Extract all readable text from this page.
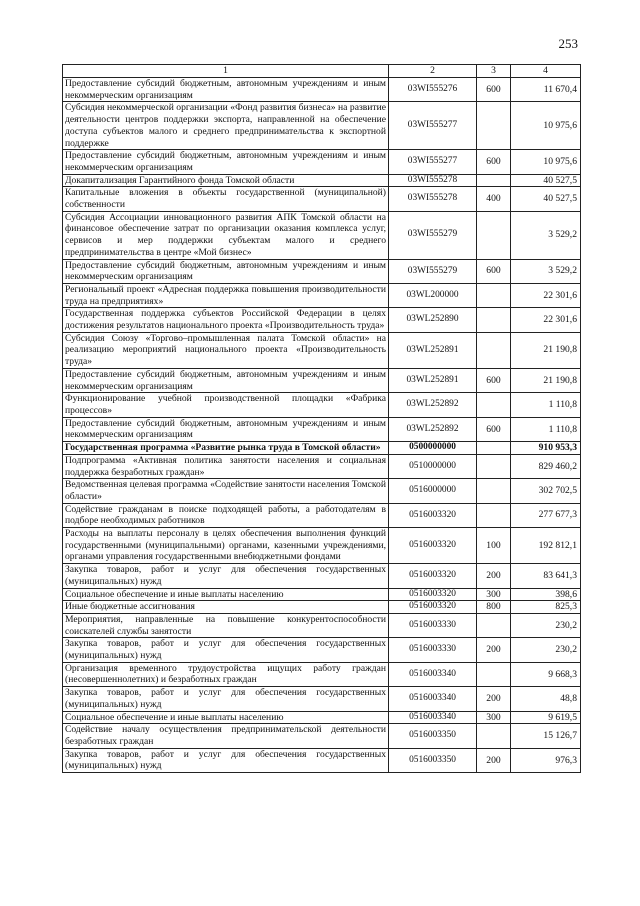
253
1	2	3	4
Предоставление субсидий бюджетным, автономным учреждениям и иным некоммерческим организациям	03WI555276	600	11 670,4
Субсидия некоммерческой организации «Фонд развития бизнеса» на развитие деятельности центров поддержки экспорта, направленной на обеспечение доступа субъектов малого и среднего предпринимательства к экспортной поддержке	03WI555277		10 975,6
Предоставление субсидий бюджетным, автономным учреждениям и иным некоммерческим организациям	03WI555277	600	10 975,6
Докапитализация Гарантийного фонда Томской области	03WI555278		40 527,5
Капитальные вложения в объекты государственной (муниципальной) собственности	03WI555278	400	40 527,5
Субсидия Ассоциации инновационного развития АПК Томской области на финансовое обеспечение затрат по организации оказания комплекса услуг, сервисов и мер поддержки субъектам малого и среднего предпринимательства в центре «Мой бизнес»	03WI555279		3 529,2
Предоставление субсидий бюджетным, автономным учреждениям и иным некоммерческим организациям	03WI555279	600	3 529,2
Региональный проект «Адресная поддержка повышения производительности труда на предприятиях»	03WL200000		22 301,6
Государственная поддержка субъектов Российской Федерации в целях достижения результатов национального проекта «Производительность труда»	03WL252890		22 301,6
Субсидия Союзу «Торгово–промышленная палата Томской области» на реализацию мероприятий национального проекта «Производительность труда»	03WL252891		21 190,8
Предоставление субсидий бюджетным, автономным учреждениям и иным некоммерческим организациям	03WL252891	600	21 190,8
Функционирование учебной производственной площадки «Фабрика процессов»	03WL252892		1 110,8
Предоставление субсидий бюджетным, автономным учреждениям и иным некоммерческим организациям	03WL252892	600	1 110,8
Государственная программа «Развитие рынка труда в Томской области»	0500000000		910 953,3
Подпрограмма «Активная политика занятости населения и социальная поддержка безработных граждан»	0510000000		829 460,2
Ведомственная целевая программа «Содействие занятости населения Томской области»	0516000000		302 702,5
Содействие гражданам в поиске подходящей работы, а работодателям в подборе необходимых работников	0516003320		277 677,3
Расходы на выплаты персоналу в целях обеспечения выполнения функций государственными (муниципальными) органами, казенными учреждениями, органами управления государственными внебюджетными фондами	0516003320	100	192 812,1
Закупка товаров, работ и услуг для обеспечения государственных (муниципальных) нужд	0516003320	200	83 641,3
Социальное обеспечение и иные выплаты населению	0516003320	300	398,6
Иные бюджетные ассигнования	0516003320	800	825,3
Мероприятия, направленные на повышение конкурентоспособности соискателей службы занятости	0516003330		230,2
Закупка товаров, работ и услуг для обеспечения государственных (муниципальных) нужд	0516003330	200	230,2
Организация временного трудоустройства ищущих работу граждан (несовершеннолетних) и безработных граждан	0516003340		9 668,3
Закупка товаров, работ и услуг для обеспечения государственных (муниципальных) нужд	0516003340	200	48,8
Социальное обеспечение и иные выплаты населению	0516003340	300	9 619,5
Содействие началу осуществления предпринимательской деятельности безработных граждан	0516003350		15 126,7
Закупка товаров, работ и услуг для обеспечения государственных (муниципальных) нужд	0516003350	200	976,3
